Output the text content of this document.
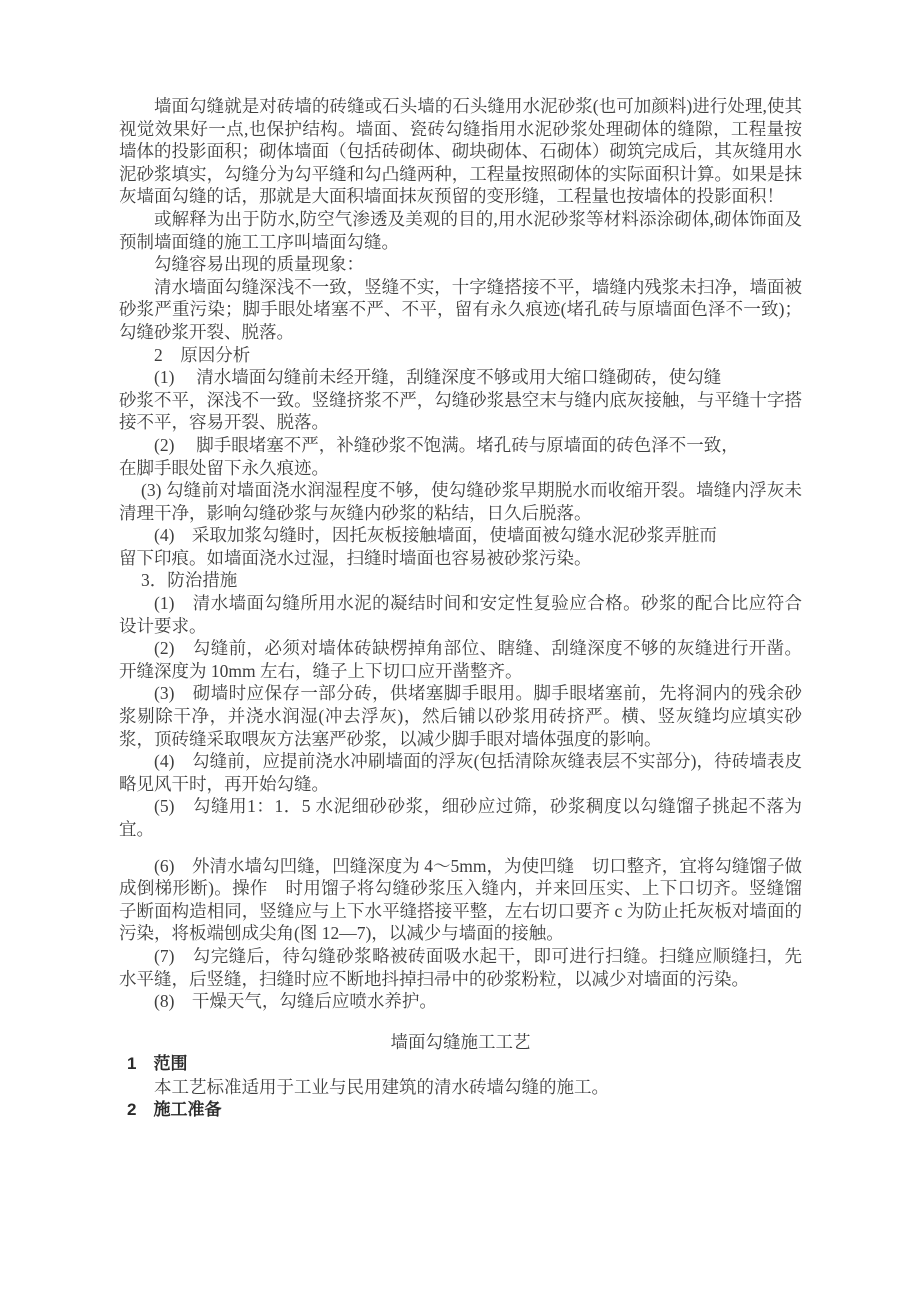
墙面勾缝就是对砖墙的砖缝或石头墙的石头缝用水泥砂浆(也可加颜料)进行处理,使其视觉效果好一点,也保护结构。墙面、瓷砖勾缝指用水泥砂浆处理砌体的缝隙，工程量按墙体的投影面积；砌体墙面（包括砖砌体、砌块砌体、石砌体）砌筑完成后，其灰缝用水泥砂浆填实，勾缝分为勾平缝和勾凸缝两种，工程量按照砌体的实际面积计算。如果是抹灰墙面勾缝的话，那就是大面积墙面抹灰预留的变形缝，工程量也按墙体的投影面积！

或解释为出于防水,防空气渗透及美观的目的,用水泥砂浆等材料添涂砌体,砌体饰面及预制墙面缝的施工工序叫墙面勾缝。

勾缝容易出现的质量现象：

清水墙面勾缝深浅不一致，竖缝不实，十字缝搭接不平，墙缝内残浆未扫净，墙面被砂浆严重污染；脚手眼处堵塞不严、不平，留有永久痕迹(堵孔砖与原墙面色泽不一致)；勾缝砂浆开裂、脱落。

2　原因分析

(1)　 清水墙面勾缝前未经开缝，刮缝深度不够或用大缩口缝砌砖，使勾缝

砂浆不平，深浅不一致。竖缝挤浆不严，勾缝砂浆悬空末与缝内底灰接触，与平缝十字搭接不平，容易开裂、脱落。

(2)　 脚手眼堵塞不严，补缝砂浆不饱满。堵孔砖与原墙面的砖色泽不一致，

在脚手眼处留下永久痕迹。

(3) 勾缝前对墙面浇水润湿程度不够，使勾缝砂浆早期脱水而收缩开裂。墙缝内浮灰未清理干净，影响勾缝砂浆与灰缝内砂浆的粘结，日久后脱落。

(4)　采取加浆勾缝时，因托灰板接触墙面，使墙面被勾缝水泥砂浆弄脏而

留下印痕。如墙面浇水过湿，扫缝时墙面也容易被砂浆污染。

3．防治措施

(1)　清水墙面勾缝所用水泥的凝结时间和安定性复验应合格。砂浆的配合比应符合设计要求。

(2)　勾缝前，必须对墙体砖缺楞掉角部位、瞎缝、刮缝深度不够的灰缝进行开凿。开缝深度为 10mm 左右，缝子上下切口应开凿整齐。

(3)　砌墙时应保存一部分砖，供堵塞脚手眼用。脚手眼堵塞前，先将洞内的残余砂浆剔除干净，并浇水润湿(冲去浮灰)，然后铺以砂浆用砖挤严。横、竖灰缝均应填实砂浆，顶砖缝采取喂灰方法塞严砂浆，以减少脚手眼对墙体强度的影响。

(4)　勾缝前，应提前浇水冲刷墙面的浮灰(包括清除灰缝表层不实部分)，待砖墙表皮略见风干时，再开始勾缝。

(5)　勾缝用1：1．5 水泥细砂砂浆，细砂应过筛，砂浆稠度以勾缝馏子挑起不落为宜。

(6)　外清水墙勾凹缝，凹缝深度为 4～5mm，为使凹缝　切口整齐，宜将勾缝馏子做成倒梯形断)。操作　时用馏子将勾缝砂浆压入缝内，并来回压实、上下口切齐。竖缝馏子断面构造相同，竖缝应与上下水平缝搭接平整，左右切口要齐 c 为防止托灰板对墙面的污染，将板端刨成尖角(图 12—7)，以减少与墙面的接触。

(7)　勾完缝后，待勾缝砂浆略被砖面吸水起干，即可进行扫缝。扫缝应顺缝扫，先水平缝，后竖缝，扫缝时应不断地抖掉扫帚中的砂浆粉粒，以减少对墙面的污染。

(8)　干燥天气，勾缝后应喷水养护。

墙面勾缝施工工艺

1　范围

本工艺标准适用于工业与民用建筑的清水砖墙勾缝的施工。

2　施工准备
